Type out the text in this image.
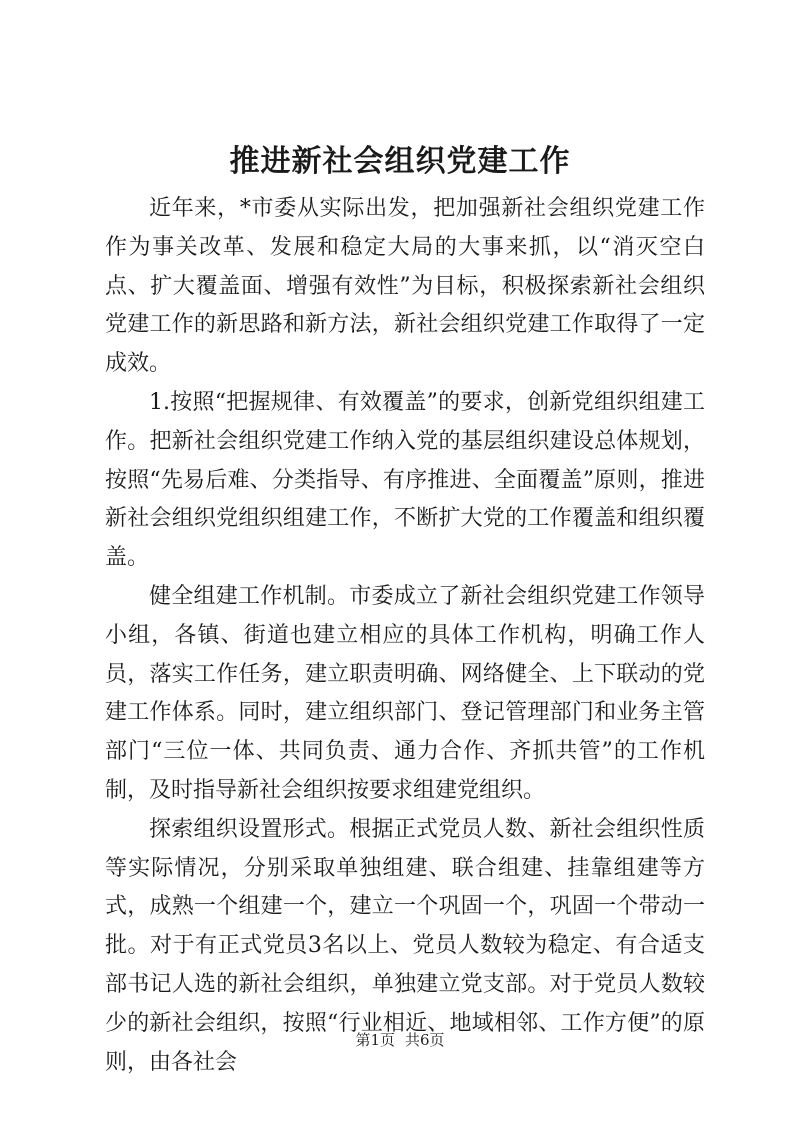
推进新社会组织党建工作

近年来，*市委从实际出发，把加强新社会组织党建工作作为事关改革、发展和稳定大局的大事来抓，以“消灭空白点、扩大覆盖面、增强有效性”为目标，积极探索新社会组织党建工作的新思路和新方法，新社会组织党建工作取得了一定成效。

1.按照“把握规律、有效覆盖”的要求，创新党组织组建工作。把新社会组织党建工作纳入党的基层组织建设总体规划，按照“先易后难、分类指导、有序推进、全面覆盖”原则，推进新社会组织党组织组建工作，不断扩大党的工作覆盖和组织覆盖。

健全组建工作机制。市委成立了新社会组织党建工作领导小组，各镇、街道也建立相应的具体工作机构，明确工作人员，落实工作任务，建立职责明确、网络健全、上下联动的党建工作体系。同时，建立组织部门、登记管理部门和业务主管部门“三位一体、共同负责、通力合作、齐抓共管”的工作机制，及时指导新社会组织按要求组建党组织。

探索组织设置形式。根据正式党员人数、新社会组织性质等实际情况，分别采取单独组建、联合组建、挂靠组建等方式，成熟一个组建一个，建立一个巩固一个，巩固一个带动一批。对于有正式党员3名以上、党员人数较为稳定、有合适支部书记人选的新社会组织，单独建立党支部。对于党员人数较少的新社会组织，按照“行业相近、地域相邻、工作方便”的原则，由各社会

第1页 共6页
